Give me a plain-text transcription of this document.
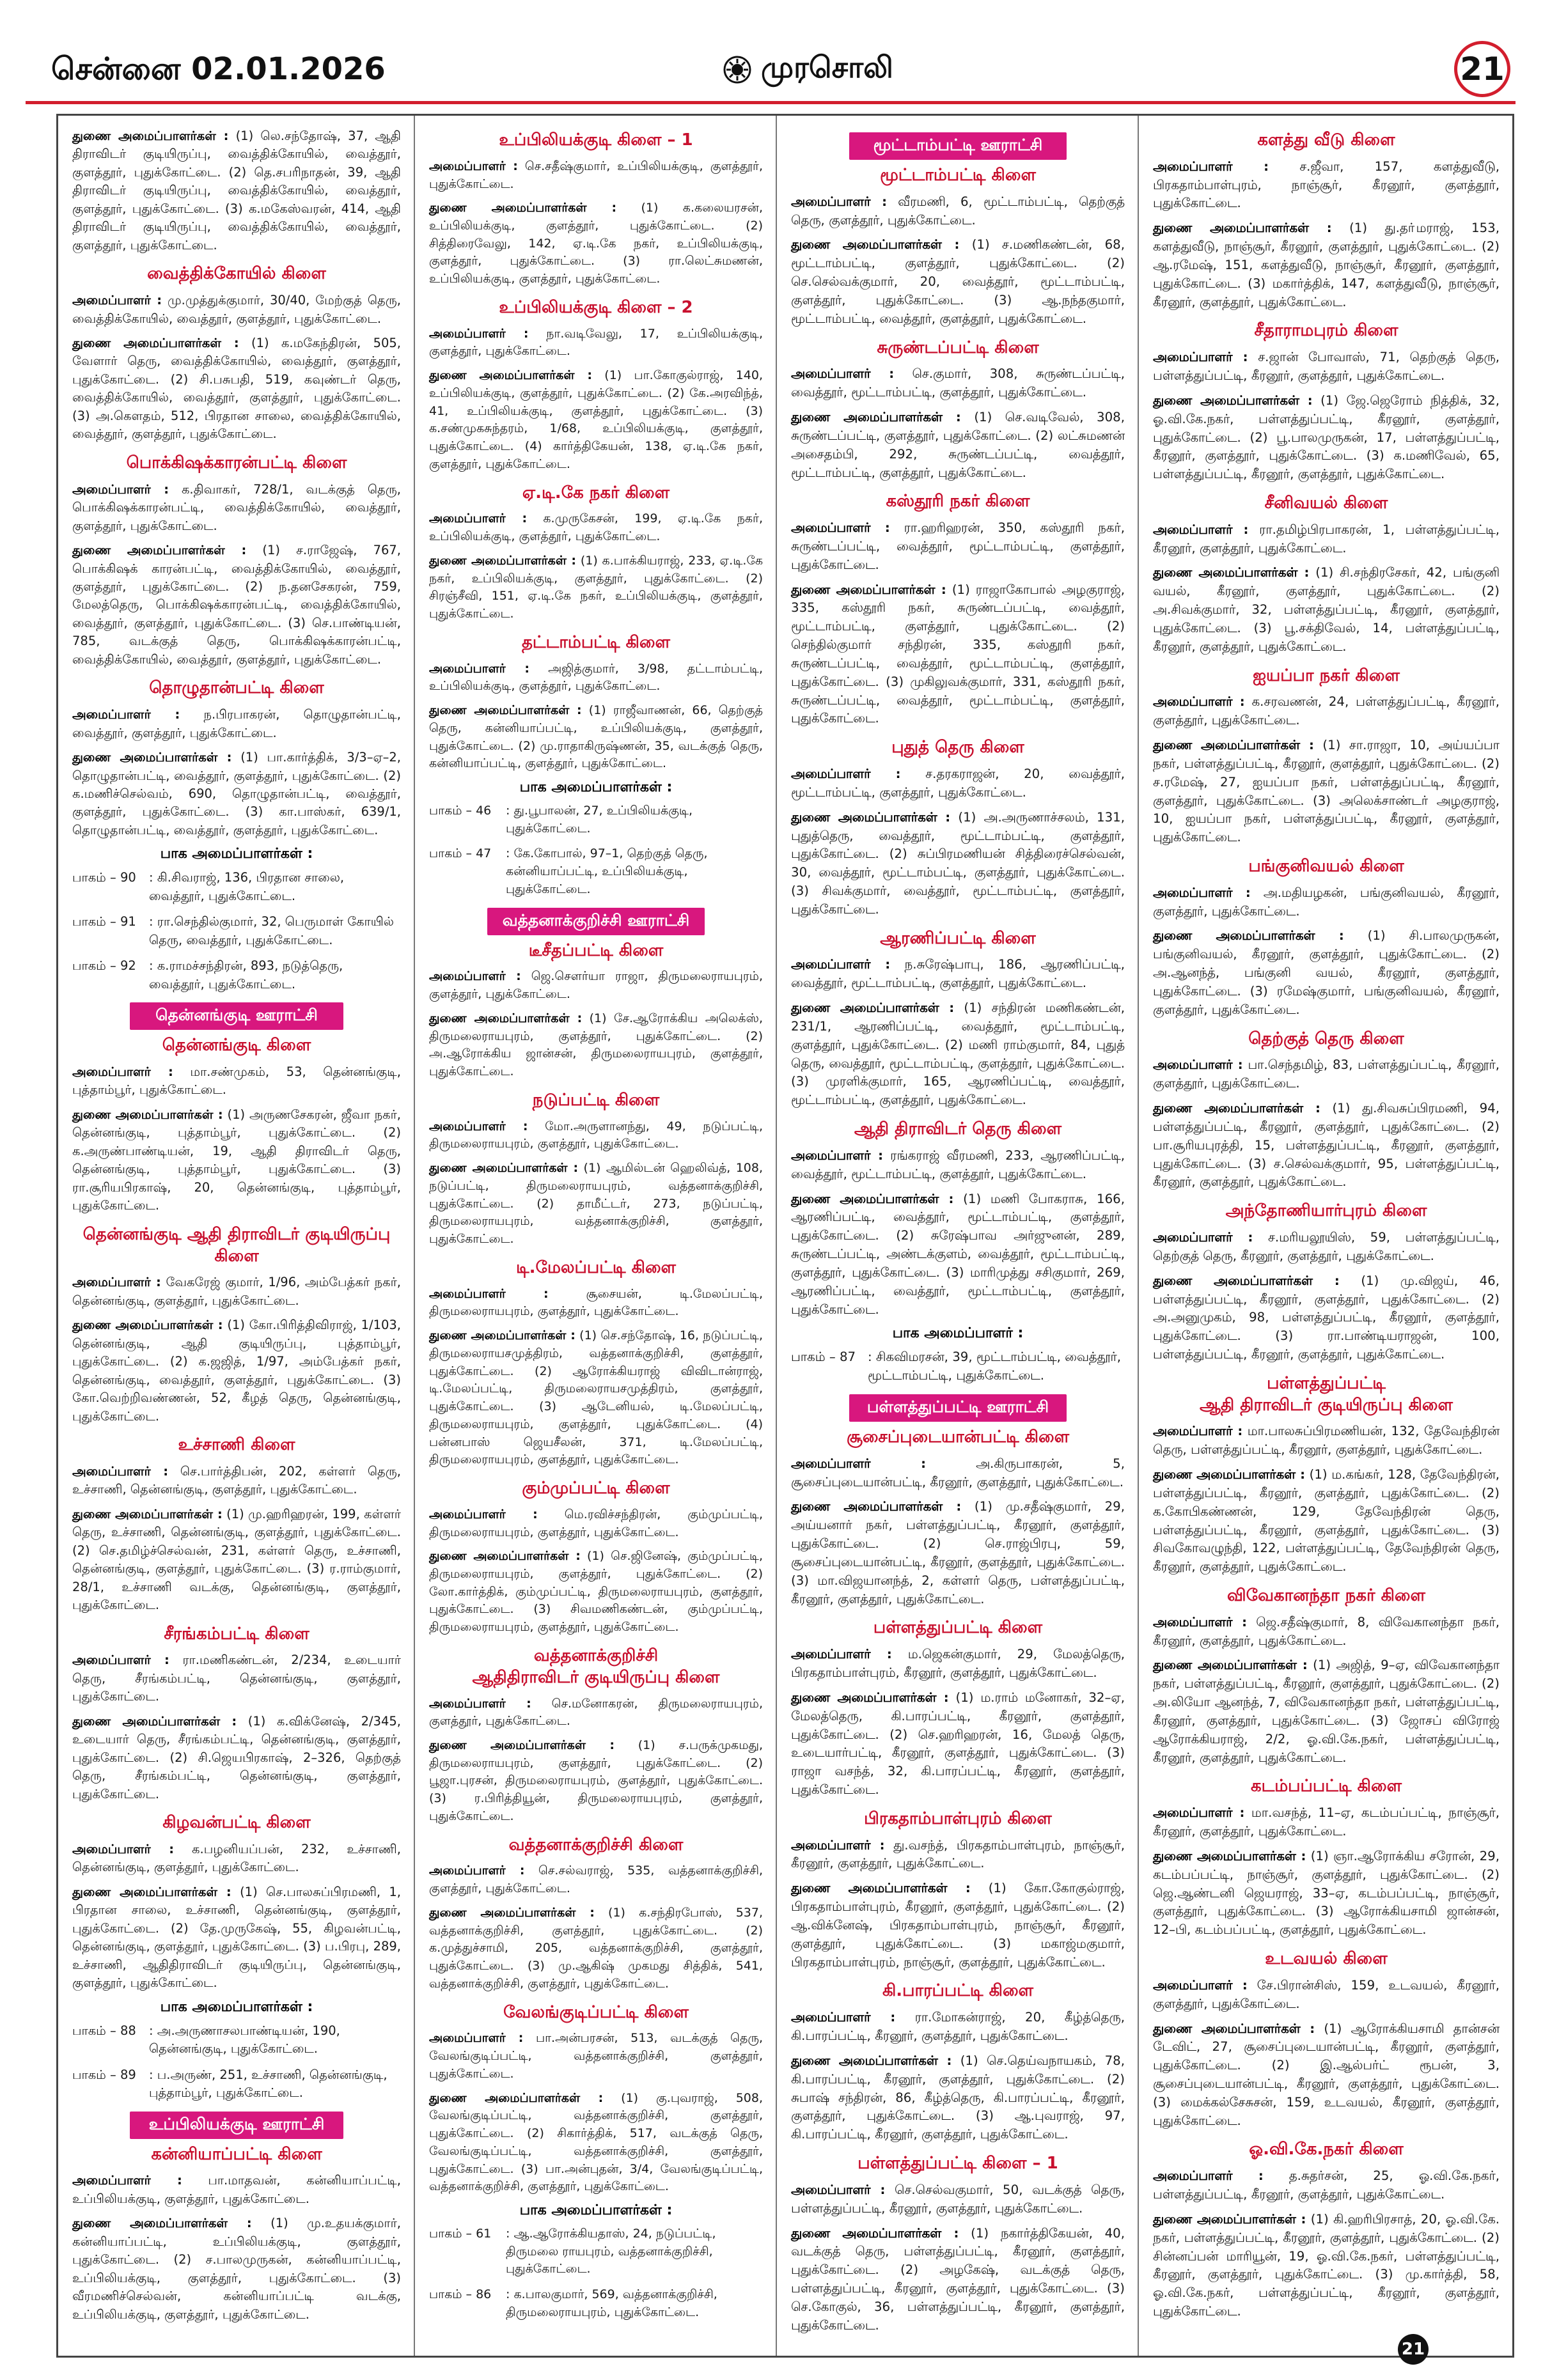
சென்னை 02.01.2026	முரசொலி	21
துணை அமைப்பாளர்கள் : (1) லெ.சந்தோஷ், 37, ஆதி திராவிடர் குடியிருப்பு, வைத்திக்கோயில், வைத்தூர், குளத்தூர், புதுக்கோட்டை. (2) தெ.சபரிநாதன், 39, ஆதி திராவிடர் குடியிருப்பு, வைத்திக்கோயில், வைத்தூர், குளத்தூர், புதுக்கோட்டை. (3) க.மகேஸ்வரன், 414, ஆதி திராவிடர் குடியிருப்பு, வைத்திக்கோயில், வைத்தூர், குளத்தூர், புதுக்கோட்டை.
வைத்திக்கோயில் கிளை
அமைப்பாளர் : மு.முத்துக்குமார், 30/40, மேற்குத் தெரு, வைத்திக்கோயில், வைத்தூர், குளத்தூர், புதுக்கோட்டை.
துணை அமைப்பாளர்கள் : (1) க.மகேந்திரன், 505, வேளார் தெரு, வைத்திக்கோயில், வைத்தூர், குளத்தூர், புதுக்கோட்டை. (2) சி.பசுபதி, 519, கவுண்டர் தெரு, வைத்திக்கோயில், வைத்தூர், குளத்தூர், புதுக்கோட்டை. (3) அ.கௌதம், 512, பிரதான சாலை, வைத்திக்கோயில், வைத்தூர், குளத்தூர், புதுக்கோட்டை.
பொக்கிஷக்காரன்பட்டி கிளை
அமைப்பாளர் : க.திவாகர், 728/1, வடக்குத் தெரு, பொக்கிஷக்காரன்பட்டி, வைத்திக்கோயில், வைத்தூர், குளத்தூர், புதுக்கோட்டை.
துணை அமைப்பாளர்கள் : (1) ச.ராஜேஷ், 767, பொக்கிஷக் காரன்பட்டி, வைத்திக்கோயில், வைத்தூர், குளத்தூர், புதுக்கோட்டை. (2) ந.தனசேகரன், 759, மேலத்தெரு, பொக்கிஷக்காரன்பட்டி, வைத்திக்கோயில், வைத்தூர், குளத்தூர், புதுக்கோட்டை. (3) செ.பாண்டியன், 785, வடக்குத் தெரு, பொக்கிஷக்காரன்பட்டி, வைத்திக்கோயில், வைத்தூர், குளத்தூர், புதுக்கோட்டை.
தொழுதான்பட்டி கிளை
அமைப்பாளர் : ந.பிரபாகரன், தொழுதான்பட்டி, வைத்தூர், குளத்தூர், புதுக்கோட்டை.
துணை அமைப்பாளர்கள் : (1) பா.கார்த்திக், 3/3–ஏ–2, தொழுதான்பட்டி, வைத்தூர், குளத்தூர், புதுக்கோட்டை. (2) க.மணிச்செல்வம், 690, தொழுதான்பட்டி, வைத்தூர், குளத்தூர், புதுக்கோட்டை. (3) கா.பாஸ்கர், 639/1, தொழுதான்பட்டி, வைத்தூர், குளத்தூர், புதுக்கோட்டை.
பாக அமைப்பாளர்கள் :
பாகம் – 90	: கி.சிவராஜ், 136, பிரதான சாலை, வைத்தூர், புதுக்கோட்டை.
பாகம் – 91	: ரா.செந்தில்குமார், 32, பெருமாள் கோயில் தெரு, வைத்தூர், புதுக்கோட்டை.
பாகம் – 92	: க.ராமச்சந்திரன், 893, நடுத்தெரு, வைத்தூர், புதுக்கோட்டை.
தென்னங்குடி ஊராட்சி
தென்னங்குடி கிளை
அமைப்பாளர் : மா.சண்முகம், 53, தென்னங்குடி, புத்தாம்பூர், புதுக்கோட்டை.
துணை அமைப்பாளர்கள் : (1) அருணசேகரன், ஜீவா நகர், தென்னங்குடி, புத்தாம்பூர், புதுக்கோட்டை. (2) க.அருண்பாண்டியன், 19, ஆதி திராவிடர் தெரு, தென்னங்குடி, புத்தாம்பூர், புதுக்கோட்டை. (3) ரா.சூரியபிரகாஷ், 20, தென்னங்குடி, புத்தாம்பூர், புதுக்கோட்டை.
தென்னங்குடி ஆதி திராவிடர் குடியிருப்பு கிளை
அமைப்பாளர் : வேகரேஜ் குமார், 1/96, அம்பேத்கர் நகர், தென்னங்குடி, குளத்தூர், புதுக்கோட்டை.
துணை அமைப்பாளர்கள் : (1) கோ.பிரித்திவிராஜ், 1/103, தென்னங்குடி, ஆதி குடியிருப்பு, புத்தாம்பூர், புதுக்கோட்டை. (2) க.ஜஜித், 1/97, அம்பேத்கர் நகர், தென்னங்குடி, வைத்தூர், குளத்தூர், புதுக்கோட்டை. (3) கோ.வெற்றிவண்ணன், 52, கீழத் தெரு, தென்னங்குடி, புதுக்கோட்டை.
உச்சாணி கிளை
அமைப்பாளர் : செ.பார்த்திபன், 202, கள்ளர் தெரு, உச்சாணி, தென்னங்குடி, குளத்தூர், புதுக்கோட்டை.
துணை அமைப்பாளர்கள் : (1) மு.ஹரிஹரன், 199, கள்ளர் தெரு, உச்சாணி, தென்னங்குடி, குளத்தூர், புதுக்கோட்டை. (2) செ.தமிழ்ச்செல்வன், 231, கள்ளர் தெரு, உச்சாணி, தென்னங்குடி, குளத்தூர், புதுக்கோட்டை. (3) ர.ராம்குமார், 28/1, உச்சாணி வடக்கு, தென்னங்குடி, குளத்தூர், புதுக்கோட்டை.
சீரங்கம்பட்டி கிளை
அமைப்பாளர் : ரா.மணிகண்டன், 2/234, உடையார் தெரு, சீரங்கம்பட்டி, தென்னங்குடி, குளத்தூர், புதுக்கோட்டை.
துணை அமைப்பாளர்கள் : (1) க.விக்னேஷ், 2/345, உடையார் தெரு, சீரங்கம்பட்டி, தென்னங்குடி, குளத்தூர், புதுக்கோட்டை. (2) சி.ஜெயபிரகாஷ், 2–326, தெற்குத் தெரு, சீரங்கம்பட்டி, தென்னங்குடி, குளத்தூர், புதுக்கோட்டை.
கிழவன்பட்டி கிளை
அமைப்பாளர் : க.பழனியப்பன், 232, உச்சாணி, தென்னங்குடி, குளத்தூர், புதுக்கோட்டை.
துணை அமைப்பாளர்கள் : (1) செ.பாலசுப்பிரமணி, 1, பிரதான சாலை, உச்சாணி, தென்னங்குடி, குளத்தூர், புதுக்கோட்டை. (2) தே.முருகேஷ், 55, கிழவன்பட்டி, தென்னங்குடி, குளத்தூர், புதுக்கோட்டை. (3) ப.பிரபு, 289, உச்சாணி, ஆதிதிராவிடர் குடியிருப்பு, தென்னங்குடி, குளத்தூர், புதுக்கோட்டை.
பாக அமைப்பாளர்கள் :
பாகம் – 88	: அ.அருணாசலபாண்டியன், 190, தென்னங்குடி, புதுக்கோட்டை.
பாகம் – 89	: ப.அருண், 251, உச்சாணி, தென்னங்குடி, புத்தாம்பூர், புதுக்கோட்டை.
உப்பிலியக்குடி ஊராட்சி
கன்னியாப்பட்டி கிளை
அமைப்பாளர் : பா.மாதவன், கன்னியாப்பட்டி, உப்பிலியக்குடி, குளத்தூர், புதுக்கோட்டை.
துணை அமைப்பாளர்கள் : (1) மு.உதயக்குமார், கன்னியாப்பட்டி, உப்பிலியக்குடி, குளத்தூர், புதுக்கோட்டை. (2) ச.பாலமுருகன், கன்னியாப்பட்டி, உப்பிலியக்குடி, குளத்தூர், புதுக்கோட்டை. (3) வீரமணிச்செல்வன், கன்னியாப்பட்டி வடக்கு, உப்பிலியக்குடி, குளத்தூர், புதுக்கோட்டை.
உப்பிலியக்குடி கிளை – 1
அமைப்பாளர் : செ.சதீஷ்குமார், உப்பிலியக்குடி, குளத்தூர், புதுக்கோட்டை.
துணை அமைப்பாளர்கள் : (1) க.கலையரசன், உப்பிலியக்குடி, குளத்தூர், புதுக்கோட்டை. (2) சித்திரைவேலு, 142, ஏ.டி.கே நகர், உப்பிலியக்குடி, குளத்தூர், புதுக்கோட்டை. (3) ரா.லெட்சுமணன், உப்பிலியக்குடி, குளத்தூர், புதுக்கோட்டை.
உப்பிலியக்குடி கிளை – 2
அமைப்பாளர் : நா.வடிவேலு, 17, உப்பிலியக்குடி, குளத்தூர், புதுக்கோட்டை.
துணை அமைப்பாளர்கள் : (1) பா.கோகுல்ராஜ், 140, உப்பிலியக்குடி, குளத்தூர், புதுக்கோட்டை. (2) கே.அரவிந்த், 41, உப்பிலியக்குடி, குளத்தூர், புதுக்கோட்டை. (3) க.சண்முகசுந்தரம், 1/68, உப்பிலியக்குடி, குளத்தூர், புதுக்கோட்டை. (4) கார்த்திகேயன், 138, ஏ.டி.கே நகர், குளத்தூர், புதுக்கோட்டை.
ஏ.டி.கே நகர் கிளை
அமைப்பாளர் : க.முருகேசன், 199, ஏ.டி.கே நகர், உப்பிலியக்குடி, குளத்தூர், புதுக்கோட்டை.
துணை அமைப்பாளர்கள் : (1) க.பாக்கியராஜ், 233, ஏ.டி.கே நகர், உப்பிலியக்குடி, குளத்தூர், புதுக்கோட்டை. (2) சிரஞ்சீவி, 151, ஏ.டி.கே நகர், உப்பிலியக்குடி, குளத்தூர், புதுக்கோட்டை.
தட்டாம்பட்டி கிளை
அமைப்பாளர் : அஜித்குமார், 3/98, தட்டாம்பட்டி, உப்பிலியக்குடி, குளத்தூர், புதுக்கோட்டை.
துணை அமைப்பாளர்கள் : (1) ராஜீவாணன், 66, தெற்குத் தெரு, கன்னியாப்பட்டி, உப்பிலியக்குடி, குளத்தூர், புதுக்கோட்டை. (2) மு.ராதாகிருஷ்ணன், 35, வடக்குத் தெரு, கன்னியாப்பட்டி, குளத்தூர், புதுக்கோட்டை.
பாக அமைப்பாளர்கள் :
பாகம் – 46	: து.பூபாலன், 27, உப்பிலியக்குடி, புதுக்கோட்டை.
பாகம் – 47	: கே.கோபால், 97–1, தெற்குத் தெரு, கன்னியாப்பட்டி, உப்பிலியக்குடி, புதுக்கோட்டை.
வத்தனாக்குறிச்சி ஊராட்சி
டீசீதப்பட்டி கிளை
அமைப்பாளர் : ஜெ.சௌர்யா ராஜா, திருமலைராயபுரம், குளத்தூர், புதுக்கோட்டை.
துணை அமைப்பாளர்கள் : (1) சே.ஆரோக்கிய அலெக்ஸ், திருமலைராயபுரம், குளத்தூர், புதுக்கோட்டை. (2) அ.ஆரோக்கிய ஜான்சன், திருமலைராயபுரம், குளத்தூர், புதுக்கோட்டை.
நடுப்பட்டி கிளை
அமைப்பாளர் : மோ.அருளானந்து, 49, நடுப்பட்டி, திருமலைராயபுரம், குளத்தூர், புதுக்கோட்டை.
துணை அமைப்பாளர்கள் : (1) ஆமில்டன் ஹெலிவ்த், 108, நடுப்பட்டி, திருமலைராயபுரம், வத்தனாக்குறிச்சி, புதுக்கோட்டை. (2) தாமீட்டர், 273, நடுப்பட்டி, திருமலைராயபுரம், வத்தனாக்குறிச்சி, குளத்தூர், புதுக்கோட்டை.
டி.மேலப்பட்டி கிளை
அமைப்பாளர் :	சூசையன், டி.மேலப்பட்டி, திருமலைராயபுரம், குளத்தூர், புதுக்கோட்டை.
துணை அமைப்பாளர்கள் : (1) செ.சந்தோஷ், 16, நடுப்பட்டி, திருமலைராயசமுத்திரம், வத்தனாக்குறிச்சி, குளத்தூர், புதுக்கோட்டை. (2) ஆரோக்கியராஜ் விவிடான்ராஜ், டி.மேலப்பட்டி, திருமலைராயசமுத்திரம், குளத்தூர், புதுக்கோட்டை. (3) ஆடேனியல், டி.மேலப்பட்டி, திருமலைராயபுரம், குளத்தூர், புதுக்கோட்டை. (4) பன்னபாஸ் ஜெயசீலன், 371, டி.மேலப்பட்டி, திருமலைராயபுரம், குளத்தூர், புதுக்கோட்டை.
கும்முப்பட்டி கிளை
அமைப்பாளர் : மெ.ரவிச்சந்திரன், கும்முப்பட்டி, திருமலைராயபுரம், குளத்தூர், புதுக்கோட்டை.
துணை அமைப்பாளர்கள் : (1) செ.ஜினேஷ், கும்முப்பட்டி, திருமலைராயபுரம், குளத்தூர், புதுக்கோட்டை. (2) லோ.கார்த்திக், கும்முப்பட்டி, திருமலைராயபுரம், குளத்தூர், புதுக்கோட்டை. (3) சிவமணிகண்டன், கும்முப்பட்டி, திருமலைராயபுரம், குளத்தூர், புதுக்கோட்டை.
வத்தனாக்குறிச்சி
ஆதிதிராவிடர் குடியிருப்பு கிளை
அமைப்பாளர் : செ.மனோகரன், திருமலைராயபுரம், குளத்தூர், புதுக்கோட்டை.
துணை அமைப்பாளர்கள் : (1) ச.பருக்முகமது, திருமலைராயபுரம், குளத்தூர், புதுக்கோட்டை. (2) பூஜா.புரசன், திருமலைராயபுரம், குளத்தூர், புதுக்கோட்டை. (3) ர.பிரித்தியூன், திருமலைராயபுரம், குளத்தூர், புதுக்கோட்டை.
வத்தனாக்குறிச்சி கிளை
அமைப்பாளர் : செ.சல்வராஜ், 535, வத்தனாக்குறிச்சி, குளத்தூர், புதுக்கோட்டை.
துணை அமைப்பாளர்கள் : (1) க.சந்திரபோஸ், 537, வத்தனாக்குறிச்சி, குளத்தூர், புதுக்கோட்டை. (2) க.முத்துச்சாமி, 205, வத்தனாக்குறிச்சி, குளத்தூர், புதுக்கோட்டை. (3) மு.ஆகிஷ் முகமது சித்திக், 541, வத்தனாக்குறிச்சி, குளத்தூர், புதுக்கோட்டை.
வேலங்குடிப்பட்டி கிளை
அமைப்பாளர் : பா.அன்பரசன், 513, வடக்குத் தெரு, வேலங்குடிப்பட்டி, வத்தனாக்குறிச்சி, குளத்தூர், புதுக்கோட்டை.
துணை அமைப்பாளர்கள் : (1) கு.புவராஜ், 508, வேலங்குடிப்பட்டி, வத்தனாக்குறிச்சி, குளத்தூர், புதுக்கோட்டை. (2) சிகார்த்திக், 517, வடக்குத் தெரு, வேலங்குடிப்பட்டி, வத்தனாக்குறிச்சி, குளத்தூர், புதுக்கோட்டை. (3) பா.அன்புதன், 3/4, வேலங்குடிப்பட்டி, வத்தனாக்குறிச்சி, குளத்தூர், புதுக்கோட்டை.
பாக அமைப்பாளர்கள் :
பாகம் – 61	: ஆ.ஆரோக்கியதாஸ், 24, நடுப்பட்டி, திருமலை ராயபுரம், வத்தனாக்குறிச்சி, புதுக்கோட்டை.
பாகம் – 86	: க.பாலகுமார், 569, வத்தனாக்குறிச்சி, திருமலைராயபுரம், புதுக்கோட்டை.
மூட்டாம்பட்டி ஊராட்சி
மூட்டாம்பட்டி கிளை
அமைப்பாளர் : வீரமணி, 6, மூட்டாம்பட்டி, தெற்குத் தெரு, குளத்தூர், புதுக்கோட்டை.
துணை அமைப்பாளர்கள் : (1) ச.மணிகண்டன், 68, மூட்டாம்பட்டி, குளத்தூர், புதுக்கோட்டை. (2) செ.செல்வக்குமார், 20, வைத்தூர், மூட்டாம்பட்டி, குளத்தூர், புதுக்கோட்டை. (3) ஆ.நந்தகுமார், மூட்டாம்பட்டி, வைத்தூர், குளத்தூர், புதுக்கோட்டை.
சுருண்டப்பட்டி கிளை
அமைப்பாளர் : செ.குமார், 308, சுருண்டப்பட்டி, வைத்தூர், மூட்டாம்பட்டி, குளத்தூர், புதுக்கோட்டை.
துணை அமைப்பாளர்கள் : (1) செ.வடிவேல், 308, சுருண்டப்பட்டி, குளத்தூர், புதுக்கோட்டை. (2) லட்சுமணன் அசைதம்பி, 292, சுருண்டப்பட்டி, வைத்தூர், மூட்டாம்பட்டி, குளத்தூர், புதுக்கோட்டை.
கஸ்தூரி நகர் கிளை
அமைப்பாளர் : ரா.ஹரிஹரன், 350, கஸ்தூரி நகர், சுருண்டப்பட்டி, வைத்தூர், மூட்டாம்பட்டி, குளத்தூர், புதுக்கோட்டை.
துணை அமைப்பாளர்கள் : (1) ராஜாகோபால் அழகுராஜ், 335, கஸ்தூரி நகர், சுருண்டப்பட்டி, வைத்தூர், மூட்டாம்பட்டி, குளத்தூர், புதுக்கோட்டை. (2) செந்தில்குமார் சந்திரன், 335, கஸ்தூரி நகர், சுருண்டப்பட்டி, வைத்தூர், மூட்டாம்பட்டி, குளத்தூர், புதுக்கோட்டை. (3) முகிலுவக்குமார், 331, கஸ்தூரி நகர், சுருண்டப்பட்டி, வைத்தூர், மூட்டாம்பட்டி, குளத்தூர், புதுக்கோட்டை.
புதுத் தெரு கிளை
அமைப்பாளர் : ச.தரகராஜன், 20, வைத்தூர், மூட்டாம்பட்டி, குளத்தூர், புதுக்கோட்டை.
துணை அமைப்பாளர்கள் : (1) அ.அருணாச்சலம், 131, புதுத்தெரு, வைத்தூர், மூட்டாம்பட்டி, குளத்தூர், புதுக்கோட்டை. (2) சுப்பிரமணியன் சித்திரைச்செல்வன், 30, வைத்தூர், மூட்டாம்பட்டி, குளத்தூர், புதுக்கோட்டை. (3) சிவக்குமார், வைத்தூர், மூட்டாம்பட்டி, குளத்தூர், புதுக்கோட்டை.
ஆரணிப்பட்டி கிளை
அமைப்பாளர் : ந.சுரேஷ்பாபு, 186, ஆரணிப்பட்டி, வைத்தூர், மூட்டாம்பட்டி, குளத்தூர், புதுக்கோட்டை.
துணை அமைப்பாளர்கள் : (1) சந்திரன் மணிகண்டன், 231/1, ஆரணிப்பட்டி, வைத்தூர், மூட்டாம்பட்டி, குளத்தூர், புதுக்கோட்டை. (2) மணி ராம்குமார், 84, புதுத் தெரு, வைத்தூர், மூட்டாம்பட்டி, குளத்தூர், புதுக்கோட்டை. (3) முரளிக்குமார், 165, ஆரணிப்பட்டி, வைத்தூர், மூட்டாம்பட்டி, குளத்தூர், புதுக்கோட்டை.
ஆதி திராவிடர் தெரு கிளை
அமைப்பாளர் : ரங்கராஜ் வீரமணி, 233, ஆரணிப்பட்டி, வைத்தூர், மூட்டாம்பட்டி, குளத்தூர், புதுக்கோட்டை.
துணை அமைப்பாளர்கள் : (1) மணி போகராசு, 166, ஆரணிப்பட்டி, வைத்தூர், மூட்டாம்பட்டி, குளத்தூர், புதுக்கோட்டை. (2) சுரேஷ்பாவ அர்ஜுனன், 289, சுருண்டப்பட்டி, அண்டக்குளம், வைத்தூர், மூட்டாம்பட்டி, குளத்தூர், புதுக்கோட்டை. (3) மாரிமுத்து சசிகுமார், 269, ஆரணிப்பட்டி, வைத்தூர், மூட்டாம்பட்டி, குளத்தூர், புதுக்கோட்டை.
பாக அமைப்பாளர் :
பாகம் – 87 : சிகவிமரசன், 39, மூட்டாம்பட்டி, வைத்தூர், மூட்டாம்பட்டி, புதுக்கோட்டை.
பள்ளத்துப்பட்டி ஊராட்சி
சூசைப்புடையான்பட்டி கிளை
அமைப்பாளர் :	அ.கிருபாகரன், 5, சூசைப்புடையான்பட்டி, கீரனூர், குளத்தூர், புதுக்கோட்டை.
துணை அமைப்பாளர்கள் : (1) மு.சதீஷ்குமார், 29, அய்யனார் நகர், பள்ளத்துப்பட்டி, கீரனூர், குளத்தூர், புதுக்கோட்டை. (2) செ.ராஜ்பிரபு, 59, சூசைப்புடையான்பட்டி, கீரனூர், குளத்தூர், புதுக்கோட்டை. (3) மா.விஜயானந்த், 2, கள்ளர் தெரு, பள்ளத்துப்பட்டி, கீரனூர், குளத்தூர், புதுக்கோட்டை.
பள்ளத்துப்பட்டி கிளை
அமைப்பாளர் : ம.ஜெகன்குமார், 29, மேலத்தெரு, பிரகதாம்பாள்புரம், கீரனூர், குளத்தூர், புதுக்கோட்டை.
துணை அமைப்பாளர்கள் : (1) ம.ராம் மனோகர், 32–ஏ, மேலத்தெரு, கி.பாரப்பட்டி, கீரனூர், குளத்தூர், புதுக்கோட்டை. (2) செ.ஹரிஹரன், 16, மேலத் தெரு, உடையார்பட்டி, கீரனூர், குளத்தூர், புதுக்கோட்டை. (3) ராஜா வசந்த், 32, கி.பாரப்பட்டி, கீரனூர், குளத்தூர், புதுக்கோட்டை.
பிரகதாம்பாள்புரம் கிளை
அமைப்பாளர் : து.வசந்த், பிரகதாம்பாள்புரம், நாஞ்சூர், கீரனூர், குளத்தூர், புதுக்கோட்டை.
துணை அமைப்பாளர்கள் : (1) கோ.கோகுல்ராஜ், பிரகதாம்பாள்புரம், கீரனூர், குளத்தூர், புதுக்கோட்டை. (2) ஆ.விக்னேஷ், பிரகதாம்பாள்புரம், நாஞ்சூர், கீரனூர், குளத்தூர், புதுக்கோட்டை. (3) மகாஜ்மகுமார், பிரகதாம்பாள்புரம், நாஞ்சூர், குளத்தூர், புதுக்கோட்டை.
கி.பாரப்பட்டி கிளை
அமைப்பாளர் : ரா.மோகன்ராஜ், 20, கீழ்த்தெரு, கி.பாரப்பட்டி, கீரனூர், குளத்தூர், புதுக்கோட்டை.
துணை அமைப்பாளர்கள் : (1) செ.தெய்வநாயகம், 78, கி.பாரப்பட்டி, கீரனூர், குளத்தூர், புதுக்கோட்டை. (2) சுபாஷ் சந்திரன், 86, கீழ்த்தெரு, கி.பாரப்பட்டி, கீரனூர், குளத்தூர், புதுக்கோட்டை. (3) ஆ.புவராஜ், 97, கி.பாரப்பட்டி, கீரனூர், குளத்தூர், புதுக்கோட்டை.
பள்ளத்துப்பட்டி கிளை – 1
அமைப்பாளர் : செ.செல்வகுமார், 50, வடக்குத் தெரு, பள்ளத்துப்பட்டி, கீரனூர், குளத்தூர், புதுக்கோட்டை.
துணை அமைப்பாளர்கள் : (1) நகார்த்திகேயன், 40, வடக்குத் தெரு, பள்ளத்துப்பட்டி, கீரனூர், குளத்தூர், புதுக்கோட்டை. (2) அழகேஷ், வடக்குத் தெரு, பள்ளத்துப்பட்டி, கீரனூர், குளத்தூர், புதுக்கோட்டை. (3) செ.கோகுல், 36, பள்ளத்துப்பட்டி, கீரனூர், குளத்தூர், புதுக்கோட்டை.
களத்து வீடு கிளை
அமைப்பாளர் : ச.ஜீவா, 157, களத்துவீடு, பிரகதாம்பாள்புரம், நாஞ்சூர், கீரனூர், குளத்தூர், புதுக்கோட்டை.
துணை அமைப்பாளர்கள் : (1) து.தா்மராஜ், 153, களத்துவீடு, நாஞ்சூர், கீரனூர், குளத்தூர், புதுக்கோட்டை. (2) ஆ.ரமேஷ், 151, களத்துவீடு, நாஞ்சூர், கீரனூர், குளத்தூர், புதுக்கோட்டை. (3) மகார்த்திக், 147, களத்துவீடு, நாஞ்சூர், கீரனூர், குளத்தூர், புதுக்கோட்டை.
சீதாராமபுரம் கிளை
அமைப்பாளர் : ச.ஜான் போவாஸ், 71, தெற்குத் தெரு, பள்ளத்துப்பட்டி, கீரனூர், குளத்தூர், புதுக்கோட்டை.
துணை அமைப்பாளர்கள் : (1) ஜே.ஜெரோம் நித்திக், 32, ஓ.வி.கே.நகர், பள்ளத்துப்பட்டி, கீரனூர், குளத்தூர், புதுக்கோட்டை. (2) பூ.பாலமுருகன், 17, பள்ளத்துப்பட்டி, கீரனூர், குளத்தூர், புதுக்கோட்டை. (3) க.மணிவேல், 65, பள்ளத்துப்பட்டி, கீரனூர், குளத்தூர், புதுக்கோட்டை.
சீனிவயல் கிளை
அமைப்பாளர் : ரா.தமிழ்பிரபாகரன், 1, பள்ளத்துப்பட்டி, கீரனூர், குளத்தூர், புதுக்கோட்டை.
துணை அமைப்பாளர்கள் : (1) சி.சந்திரசேகர், 42, பங்குனி வயல், கீரனூர், குளத்தூர், புதுக்கோட்டை. (2) அ.சிவக்குமார், 32, பள்ளத்துப்பட்டி, கீரனூர், குளத்தூர், புதுக்கோட்டை. (3) பூ.சக்திவேல், 14, பள்ளத்துப்பட்டி, கீரனூர், குளத்தூர், புதுக்கோட்டை.
ஐயப்பா நகர் கிளை
அமைப்பாளர் : க.சரவணன், 24, பள்ளத்துப்பட்டி, கீரனூர், குளத்தூர், புதுக்கோட்டை.
துணை அமைப்பாளர்கள் : (1) சா.ராஜா, 10, அய்யப்பா நகர், பள்ளத்துப்பட்டி, கீரனூர், குளத்தூர், புதுக்கோட்டை. (2) ச.ரமேஷ், 27, ஐயப்பா நகர், பள்ளத்துப்பட்டி, கீரனூர், குளத்தூர், புதுக்கோட்டை. (3) அலெக்சாண்டர் அழகுராஜ், 10, ஐயப்பா நகர், பள்ளத்துப்பட்டி, கீரனூர், குளத்தூர், புதுக்கோட்டை.
பங்குனிவயல் கிளை
அமைப்பாளர் : அ.மதியழகன், பங்குனிவயல், கீரனூர், குளத்தூர், புதுக்கோட்டை.
துணை அமைப்பாளர்கள் : (1) சி.பாலமுருகன், பங்குனிவயல், கீரனூர், குளத்தூர், புதுக்கோட்டை. (2) அ.ஆனந்த், பங்குனி வயல், கீரனூர், குளத்தூர், புதுக்கோட்டை. (3) ரமேஷ்குமார், பங்குனிவயல், கீரனூர், குளத்தூர், புதுக்கோட்டை.
தெற்குத் தெரு கிளை
அமைப்பாளர் : பா.செந்தமிழ், 83, பள்ளத்துப்பட்டி, கீரனூர், குளத்தூர், புதுக்கோட்டை.
துணை அமைப்பாளர்கள் : (1) து.சிவசுப்பிரமணி, 94, பள்ளத்துப்பட்டி, கீரனூர், குளத்தூர், புதுக்கோட்டை. (2) பா.சூரியபுரத்தி, 15, பள்ளத்துப்பட்டி, கீரனூர், குளத்தூர், புதுக்கோட்டை. (3) ச.செல்வக்குமார், 95, பள்ளத்துப்பட்டி, கீரனூர், குளத்தூர், புதுக்கோட்டை.
அந்தோணியார்புரம் கிளை
அமைப்பாளர் : ச.மரியலூயிஸ், 59, பள்ளத்துப்பட்டி, தெற்குத் தெரு, கீரனூர், குளத்தூர், புதுக்கோட்டை.
துணை அமைப்பாளர்கள் : (1) மு.விஜய், 46, பள்ளத்துப்பட்டி, கீரனூர், குளத்தூர், புதுக்கோட்டை. (2) அ.அனுமுகம், 98, பள்ளத்துப்பட்டி, கீரனூர், குளத்தூர், புதுக்கோட்டை. (3) ரா.பாண்டியராஜன், 100, பள்ளத்துப்பட்டி, கீரனூர், குளத்தூர், புதுக்கோட்டை.
பள்ளத்துப்பட்டி
ஆதி திராவிடர் குடியிருப்பு கிளை
அமைப்பாளர் : மா.பாலசுப்பிரமணியன், 132, தேவேந்திரன் தெரு, பள்ளத்துப்பட்டி, கீரனூர், குளத்தூர், புதுக்கோட்டை.
துணை அமைப்பாளர்கள் : (1) ம.கங்கர், 128, தேவேந்திரன், பள்ளத்துப்பட்டி, கீரனூர், குளத்தூர், புதுக்கோட்டை. (2) க.கோபிகண்ணன், 129, தேவேந்திரன் தெரு, பள்ளத்துப்பட்டி, கீரனூர், குளத்தூர், புதுக்கோட்டை. (3) சிவகோவழுந்தி, 122, பள்ளத்துப்பட்டி, தேவேந்திரன் தெரு, கீரனூர், குளத்தூர், புதுக்கோட்டை.
விவேகானந்தா நகர் கிளை
அமைப்பாளர் : ஜெ.சதீஷ்குமார், 8, விவேகானந்தா நகர், கீரனூர், குளத்தூர், புதுக்கோட்டை.
துணை அமைப்பாளர்கள் : (1) அஜித், 9–ஏ, விவேகானந்தா நகர், பள்ளத்துப்பட்டி, கீரனூர், குளத்தூர், புதுக்கோட்டை. (2) அ.லியோ ஆனந்த், 7, விவேகானந்தா நகர், பள்ளத்துப்பட்டி, கீரனூர், குளத்தூர், புதுக்கோட்டை. (3) ஜோசப் விரோஜ் ஆரோக்கியராஜ், 2/2, ஓ.வி.கே.நகர், பள்ளத்துப்பட்டி, கீரனூர், குளத்தூர், புதுக்கோட்டை.
கடம்பப்பட்டி கிளை
அமைப்பாளர் : மா.வசந்த், 11–ஏ, கடம்பப்பட்டி, நாஞ்சூர், கீரனூர், குளத்தூர், புதுக்கோட்டை.
துணை அமைப்பாளர்கள் : (1) ஞா.ஆரோக்கிய சரோன், 29, கடம்பப்பட்டி, நாஞ்சூர், குளத்தூர், புதுக்கோட்டை. (2) ஜெ.ஆண்டனி ஜெயராஜ், 33–ஏ, கடம்பப்பட்டி, நாஞ்சூர், குளத்தூர், புதுக்கோட்டை. (3) ஆரோக்கியசாமி ஜான்சன், 12–பி, கடம்பப்பட்டி, குளத்தூர், புதுக்கோட்டை.
உடவயல் கிளை
அமைப்பாளர் : சே.பிரான்சிஸ், 159, உடவயல், கீரனூர், குளத்தூர், புதுக்கோட்டை.
துணை அமைப்பாளர்கள் : (1) ஆரோக்கியசாமி தான்சன் டேவிட், 27, சூசைப்புடையான்பட்டி, கீரனூர், குளத்தூர், புதுக்கோட்டை. (2) இ.ஆல்பர்ட் ரூபன், 3, சூசைப்புடையான்பட்டி, கீரனூர், குளத்தூர், புதுக்கோட்டை. (3) மைக்கல்சேசுசன், 159, உடவயல், கீரனூர், குளத்தூர், புதுக்கோட்டை.
ஓ.வி.கே.நகர் கிளை
அமைப்பாளர் : த.சுதர்சன், 25, ஓ.வி.கே.நகர், பள்ளத்துப்பட்டி, கீரனூர், குளத்தூர், புதுக்கோட்டை.
துணை அமைப்பாளர்கள் : (1) கி.ஹரிபிரசாத், 20, ஓ.வி.கே. நகர், பள்ளத்துப்பட்டி, கீரனூர், குளத்தூர், புதுக்கோட்டை. (2) சின்னப்பன் மாரியூன், 19, ஓ.வி.கே.நகர், பள்ளத்துப்பட்டி, கீரனூர், குளத்தூர், புதுக்கோட்டை. (3) மு.கார்த்தி, 58, ஓ.வி.கே.நகர், பள்ளத்துப்பட்டி, கீரனூர், குளத்தூர், புதுக்கோட்டை.
21
